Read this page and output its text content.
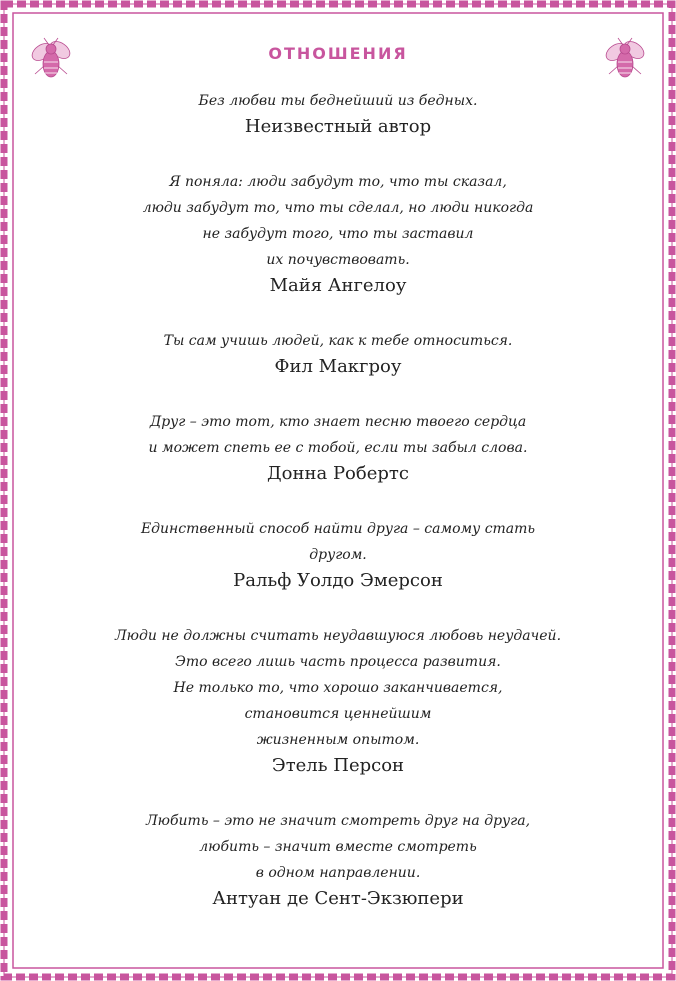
ОТНОШЕНИЯ
Без любви ты беднейший из бедных.
Неизвестный автор
Я поняла: люди забудут то, что ты сказал,
люди забудут то, что ты сделал, но люди никогда
не забудут того, что ты заставил
их почувствовать.
Майя Ангелоу
Ты сам учишь людей, как к тебе относиться.
Фил Макгроу
Друг – это тот, кто знает песню твоего сердца
и может спеть ее с тобой, если ты забыл слова.
Донна Робертс
Единственный способ найти друга – самому стать
другом.
Ральф Уолдо Эмерсон
Люди не должны считать неудавшуюся любовь неудачей.
Это всего лишь часть процесса развития.
Не только то, что хорошо заканчивается,
становится ценнейшим
жизненным опытом.
Этель Персон
Любить – это не значит смотреть друг на друга,
любить – значит вместе смотреть
в одном направлении.
Антуан де Сент-Экзюпери
